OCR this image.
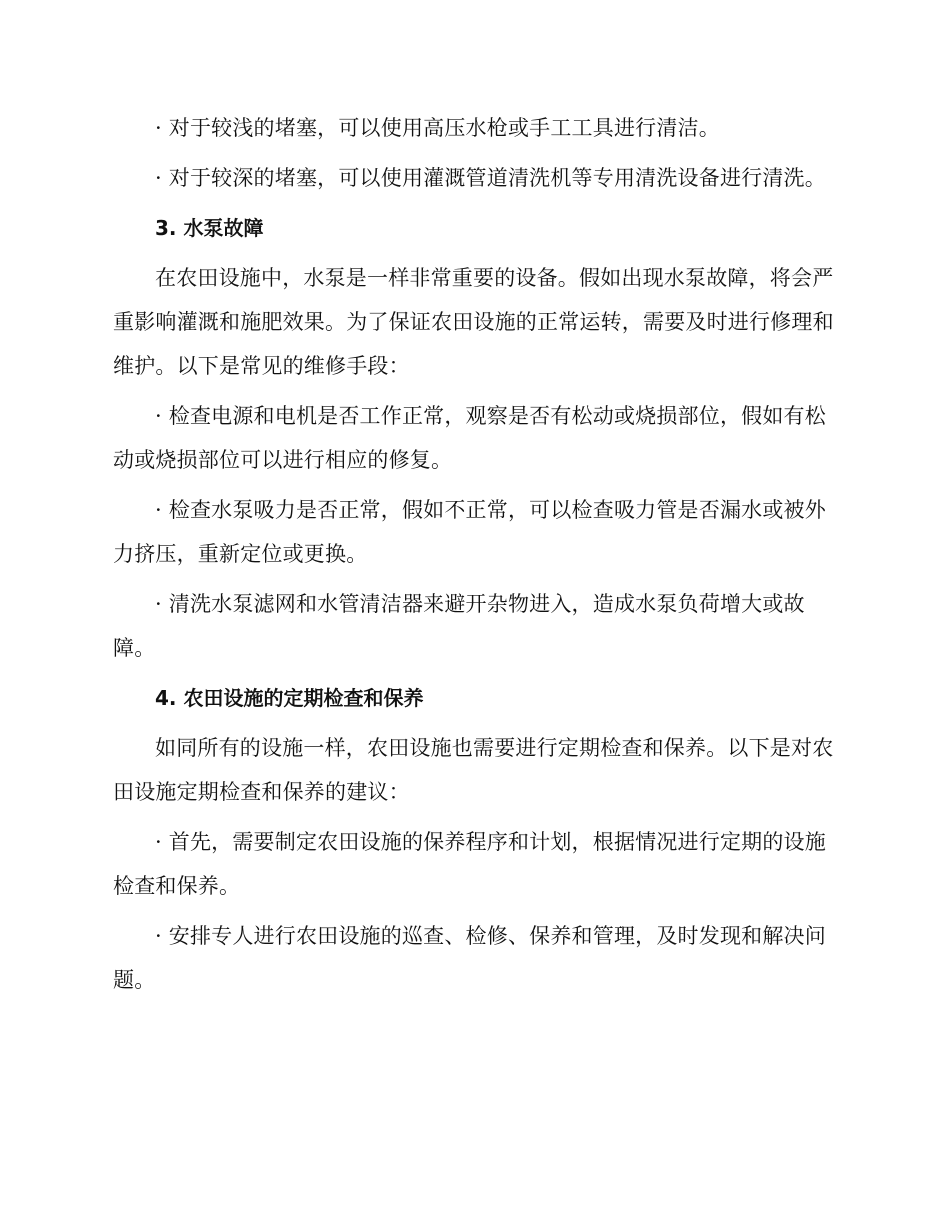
· 对于较浅的堵塞，可以使用高压水枪或手工工具进行清洁。

· 对于较深的堵塞，可以使用灌溉管道清洗机等专用清洗设备进行清洗。

3. 水泵故障

在农田设施中，水泵是一样非常重要的设备。假如出现水泵故障，将会严重影响灌溉和施肥效果。为了保证农田设施的正常运转，需要及时进行修理和维护。以下是常见的维修手段：

· 检查电源和电机是否工作正常，观察是否有松动或烧损部位，假如有松动或烧损部位可以进行相应的修复。

· 检查水泵吸力是否正常，假如不正常，可以检查吸力管是否漏水或被外力挤压，重新定位或更换。

· 清洗水泵滤网和水管清洁器来避开杂物进入，造成水泵负荷增大或故障。

4. 农田设施的定期检查和保养

如同所有的设施一样，农田设施也需要进行定期检查和保养。以下是对农田设施定期检查和保养的建议：

· 首先，需要制定农田设施的保养程序和计划，根据情况进行定期的设施检查和保养。

· 安排专人进行农田设施的巡查、检修、保养和管理，及时发现和解决问题。
